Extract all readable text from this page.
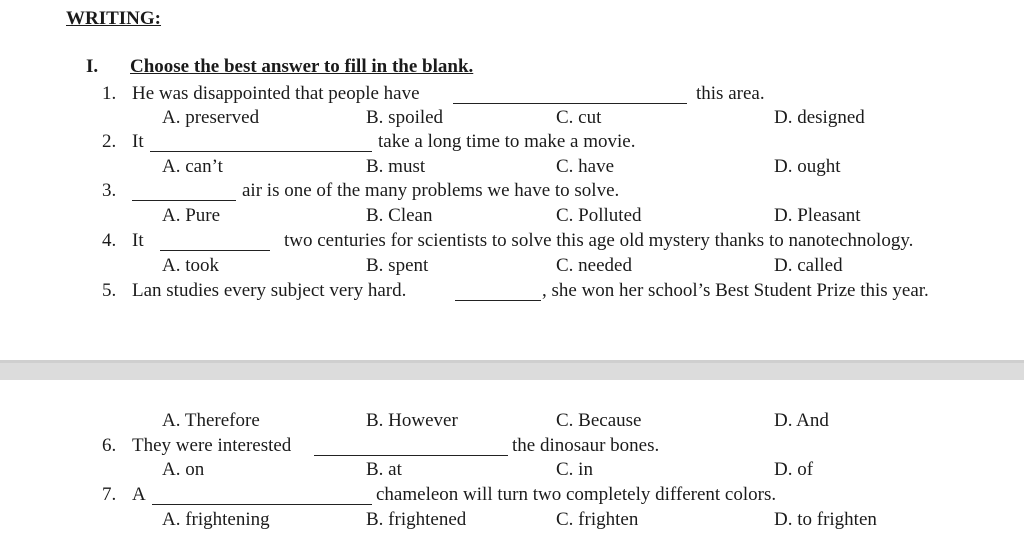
WRITING:
I. Choose the best answer to fill in the blank.
1. He was disappointed that people have	this area.
A. preserved	B. spoiled	C. cut	D. designed
2. It	take a long time to make a movie.
A. can’t	B. must	C. have	D. ought
3.	air is one of the many problems we have to solve.
A. Pure	B. Clean	C. Polluted	D. Pleasant
4. It	two centuries for scientists to solve this age old mystery thanks to nanotechnology.
A. took	B. spent	C. needed	D. called
5. Lan studies every subject very hard.	, she won her school’s Best Student Prize this year.
A. Therefore	B. However	C. Because	D. And
6. They were interested	the dinosaur bones.
A. on	B. at	C. in	D. of
7. A	chameleon will turn two completely different colors.
A. frightening	B. frightened	C. frighten	D. to frighten
